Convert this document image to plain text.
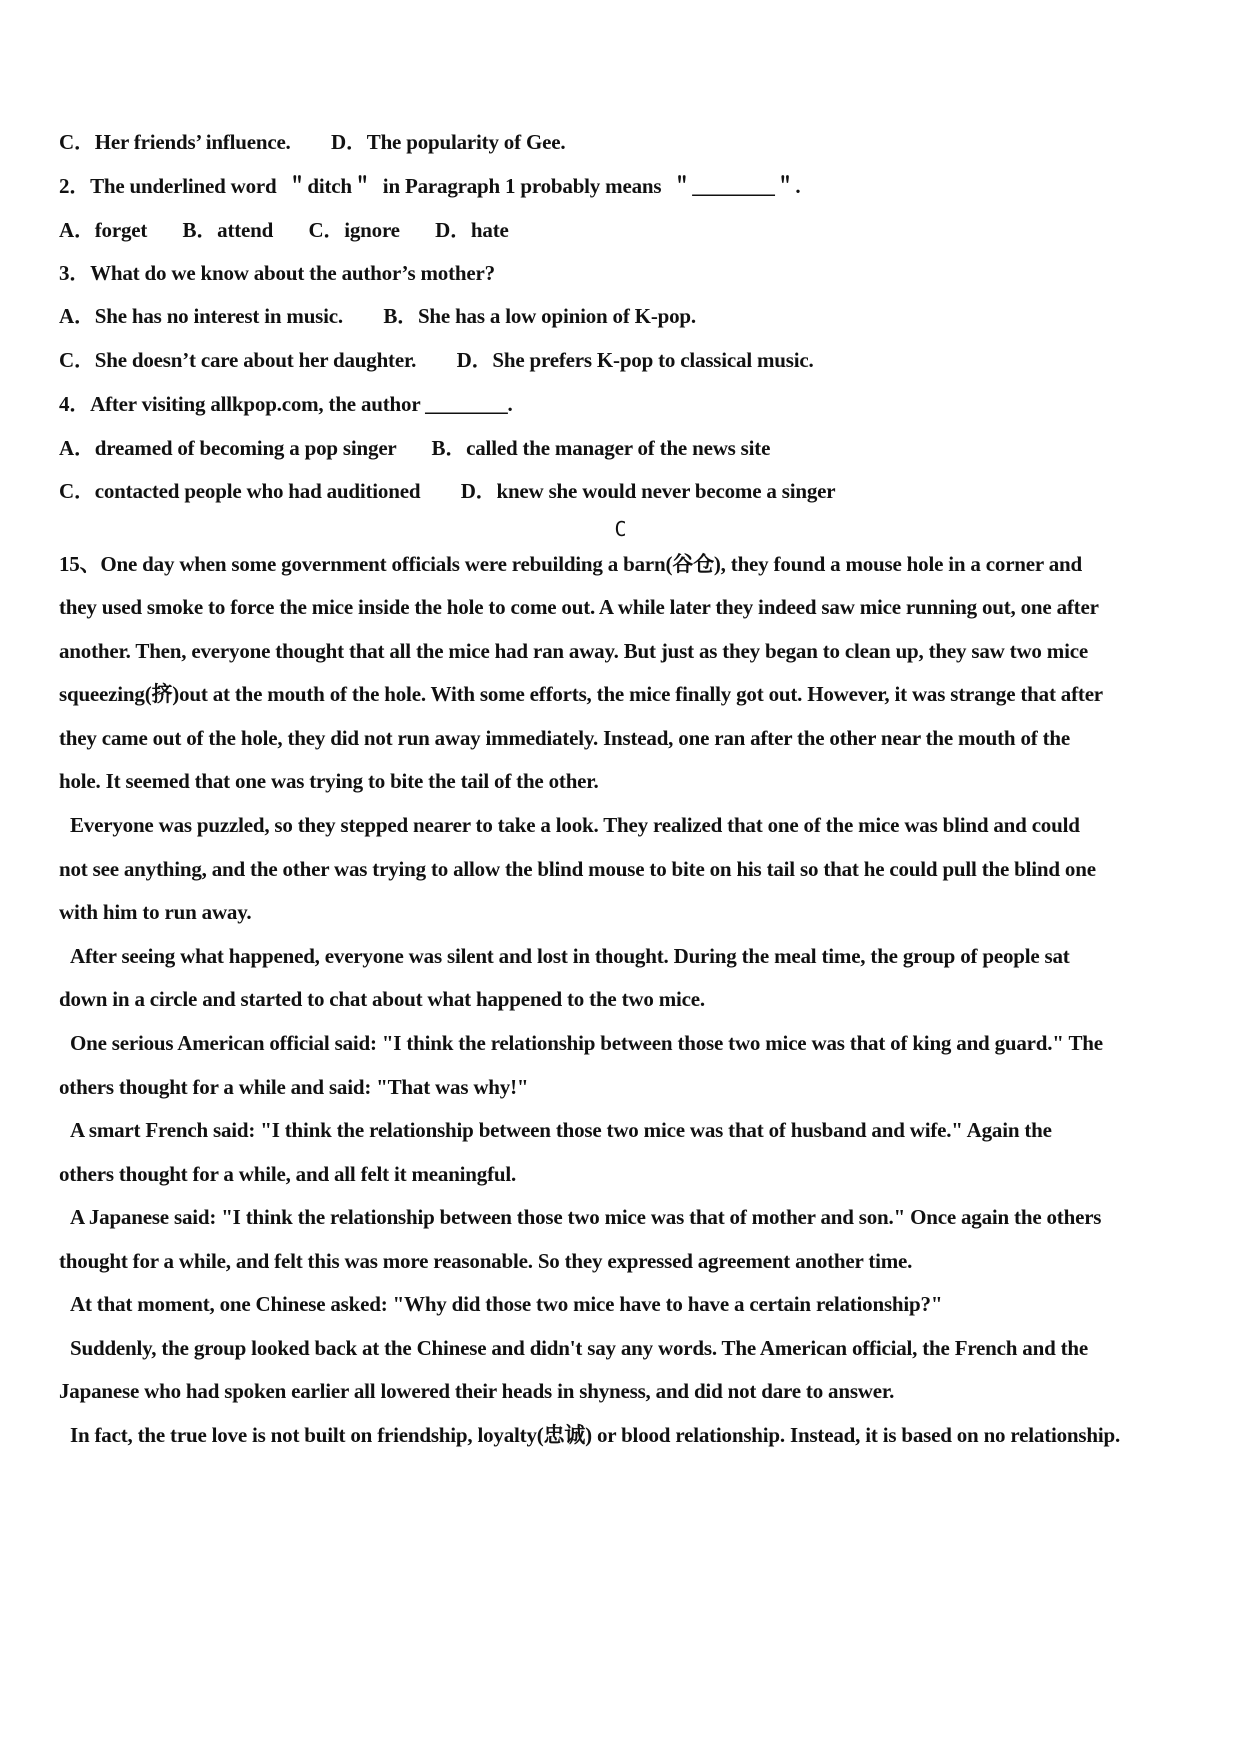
C．Her friends’ influence.        D．The popularity of Gee.
2．The underlined word  ＂ditch＂  in Paragraph 1 probably means  ＂________＂.
A．forget       B．attend       C．ignore       D．hate
3．What do we know about the author’s mother?
A．She has no interest in music.        B．She has a low opinion of K-pop.
C．She doesn’t care about her daughter.        D．She prefers K-pop to classical music.
4．After visiting allkpop.com, the author ________.
A．dreamed of becoming a pop singer       B．called the manager of the news site
C．contacted people who had auditioned        D．knew she would never become a singer
C
15、One day when some government officials were rebuilding a barn(谷仓), they found a mouse hole in a corner and
they used smoke to force the mice inside the hole to come out. A while later they indeed saw mice running out, one after
another. Then, everyone thought that all the mice had ran away. But just as they began to clean up, they saw two mice
squeezing(挤)out at the mouth of the hole. With some efforts, the mice finally got out. However, it was strange that after
they came out of the hole, they did not run away immediately. Instead, one ran after the other near the mouth of the
hole. It seemed that one was trying to bite the tail of the other.
Everyone was puzzled, so they stepped nearer to take a look. They realized that one of the mice was blind and could
not see anything, and the other was trying to allow the blind mouse to bite on his tail so that he could pull the blind one
with him to run away.
After seeing what happened, everyone was silent and lost in thought. During the meal time, the group of people sat
down in a circle and started to chat about what happened to the two mice.
One serious American official said: "I think the relationship between those two mice was that of king and guard." The
others thought for a while and said: "That was why!"
A smart French said: "I think the relationship between those two mice was that of husband and wife." Again the
others thought for a while, and all felt it meaningful.
A Japanese said: "I think the relationship between those two mice was that of mother and son." Once again the others
thought for a while, and felt this was more reasonable. So they expressed agreement another time.
At that moment, one Chinese asked: "Why did those two mice have to have a certain relationship?"
Suddenly, the group looked back at the Chinese and didn't say any words. The American official, the French and the
Japanese who had spoken earlier all lowered their heads in shyness, and did not dare to answer.
In fact, the true love is not built on friendship, loyalty(忠诚) or blood relationship. Instead, it is based on no relationship.
